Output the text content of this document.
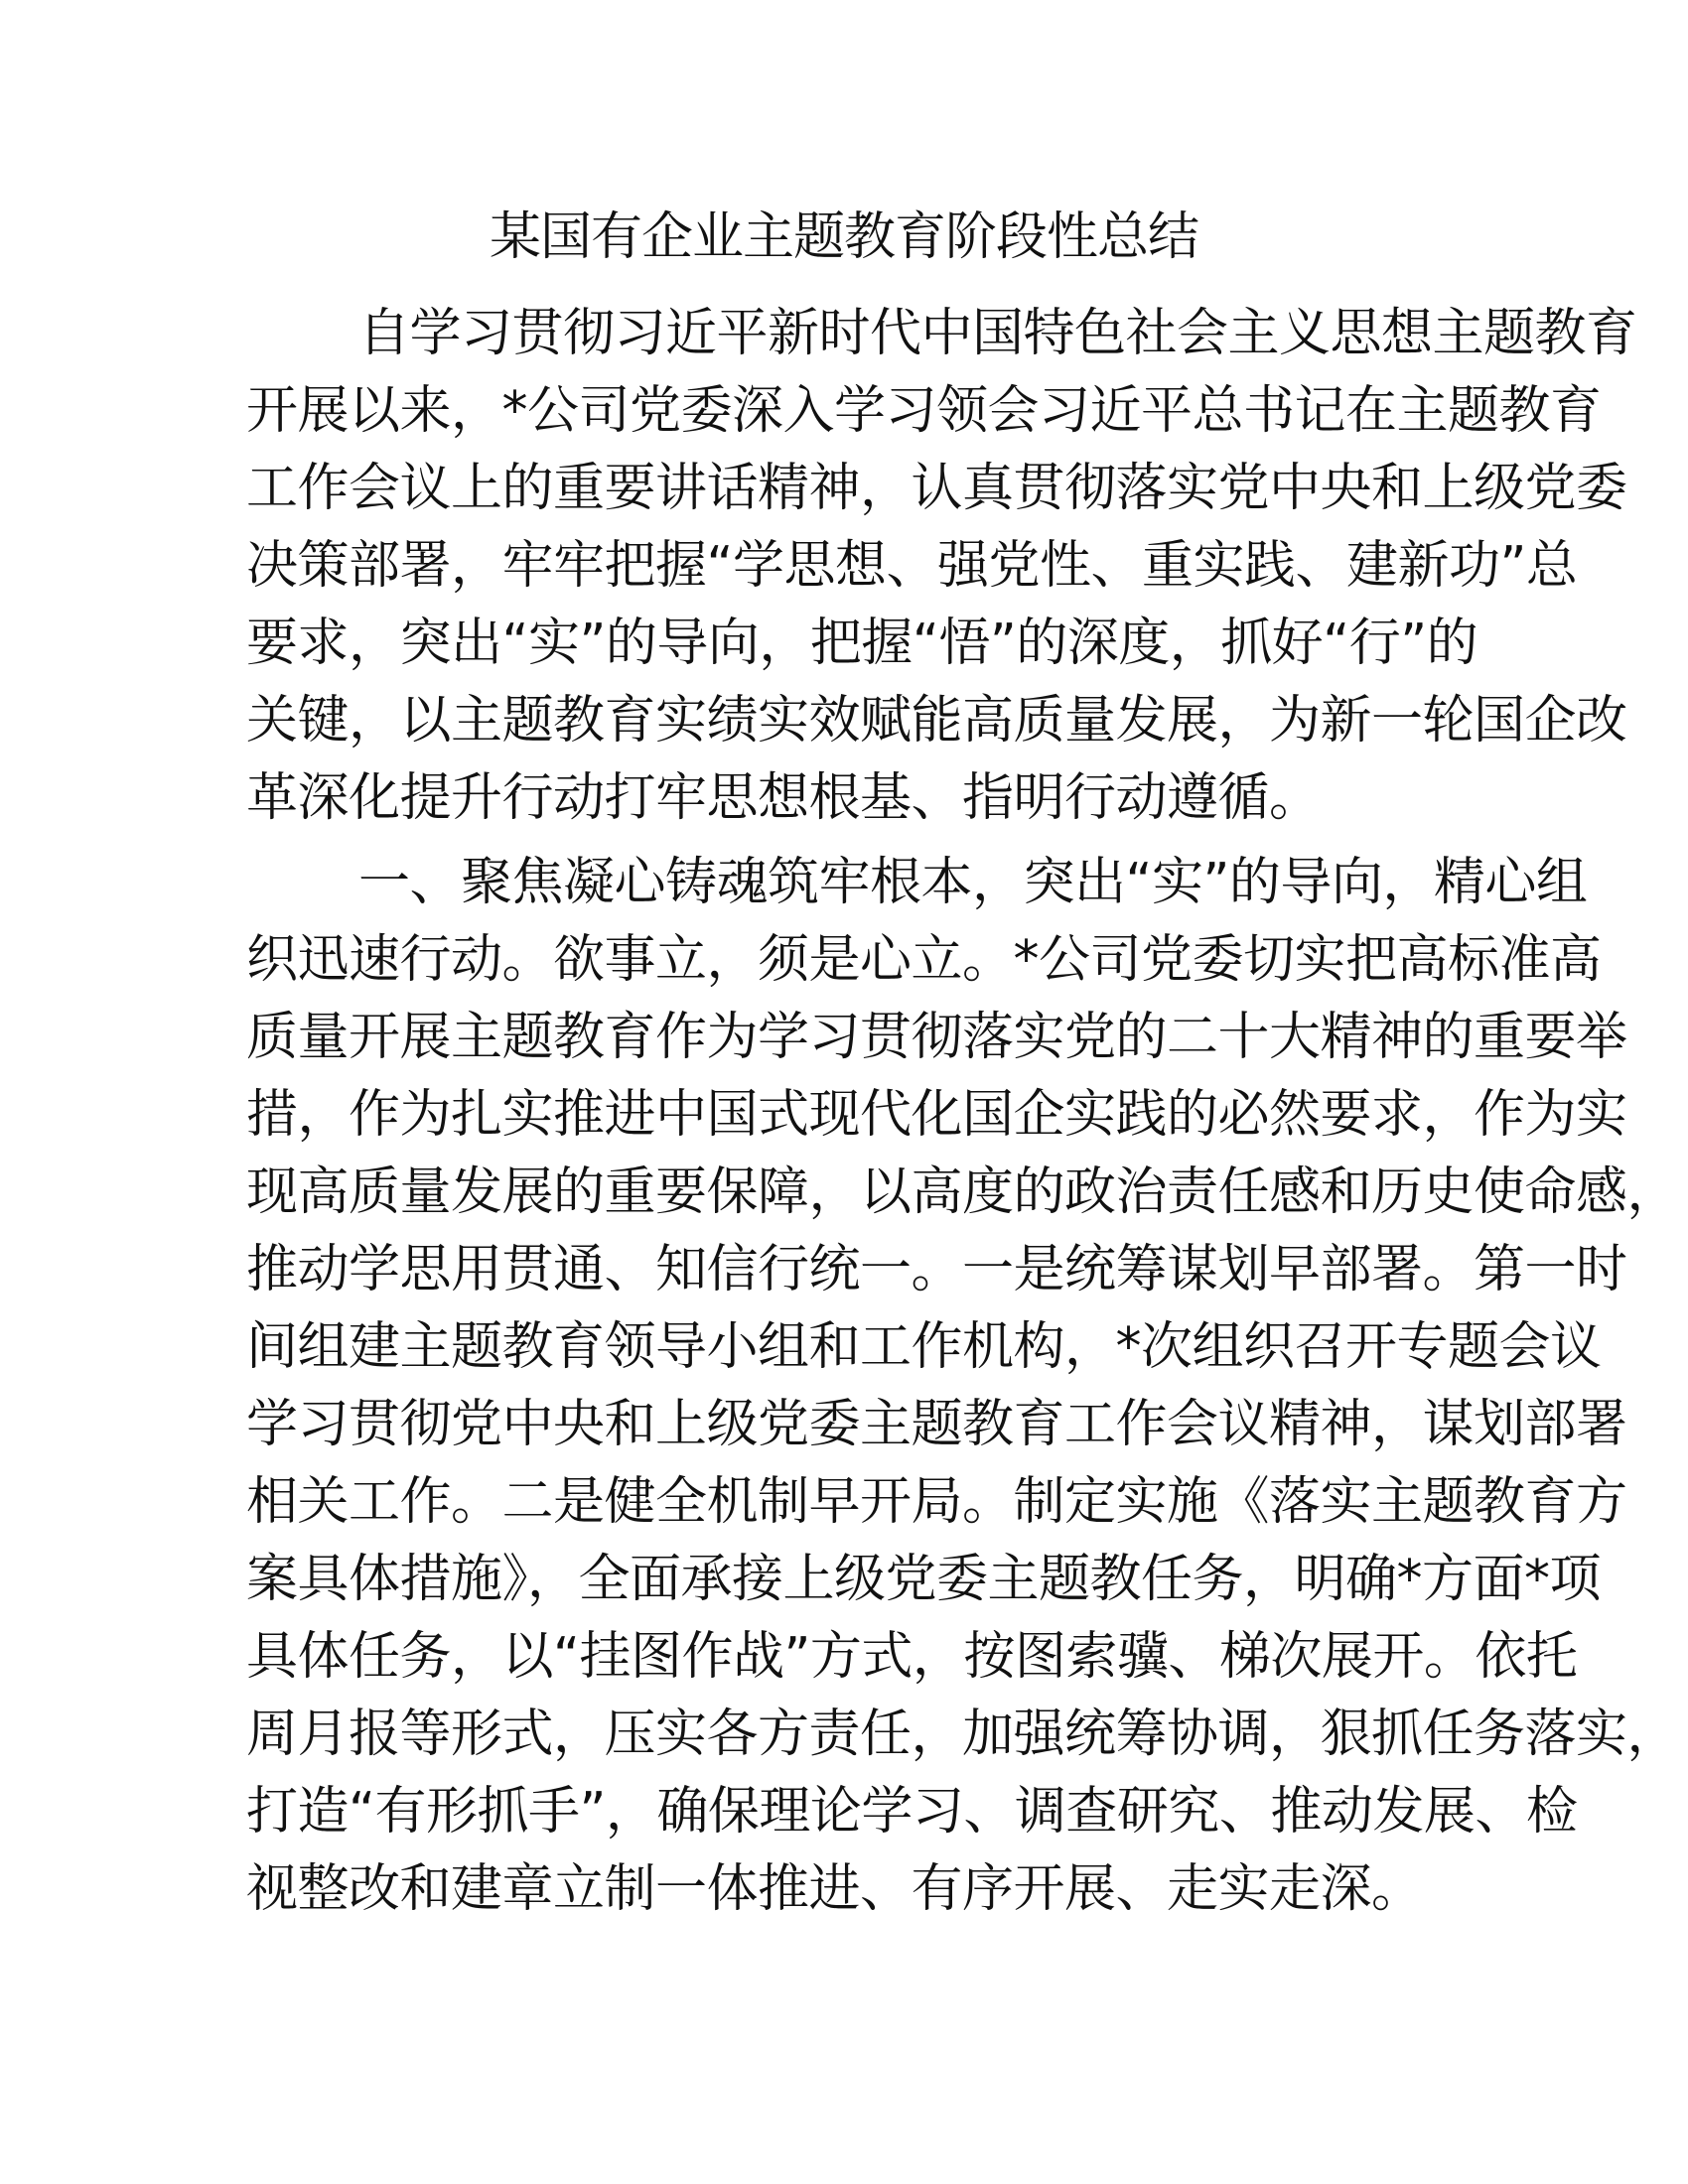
某国有企业主题教育阶段性总结
自学习贯彻习近平新时代中国特色社会主义思想主题教育
开展以来，*公司党委深入学习领会习近平总书记在主题教育
工作会议上的重要讲话精神，认真贯彻落实党中央和上级党委
决策部署，牢牢把握“学思想、强党性、重实践、建新功”总
要求，突出“实”的导向，把握“悟”的深度，抓好“行”的
关键，以主题教育实绩实效赋能高质量发展，为新一轮国企改
革深化提升行动打牢思想根基、指明行动遵循。
一、聚焦凝心铸魂筑牢根本，突出“实”的导向，精心组
织迅速行动。欲事立，须是心立。*公司党委切实把高标准高
质量开展主题教育作为学习贯彻落实党的二十大精神的重要举
措，作为扎实推进中国式现代化国企实践的必然要求，作为实
现高质量发展的重要保障，以高度的政治责任感和历史使命感，
推动学思用贯通、知信行统一。一是统筹谋划早部署。第一时
间组建主题教育领导小组和工作机构，*次组织召开专题会议
学习贯彻党中央和上级党委主题教育工作会议精神，谋划部署
相关工作。二是健全机制早开局。制定实施《落实主题教育方
案具体措施》，全面承接上级党委主题教任务，明确*方面*项
具体任务，以“挂图作战”方式，按图索骥、梯次展开。依托
周月报等形式，压实各方责任，加强统筹协调，狠抓任务落实，
打造“有形抓手”，确保理论学习、调查研究、推动发展、检
视整改和建章立制一体推进、有序开展、走实走深。
